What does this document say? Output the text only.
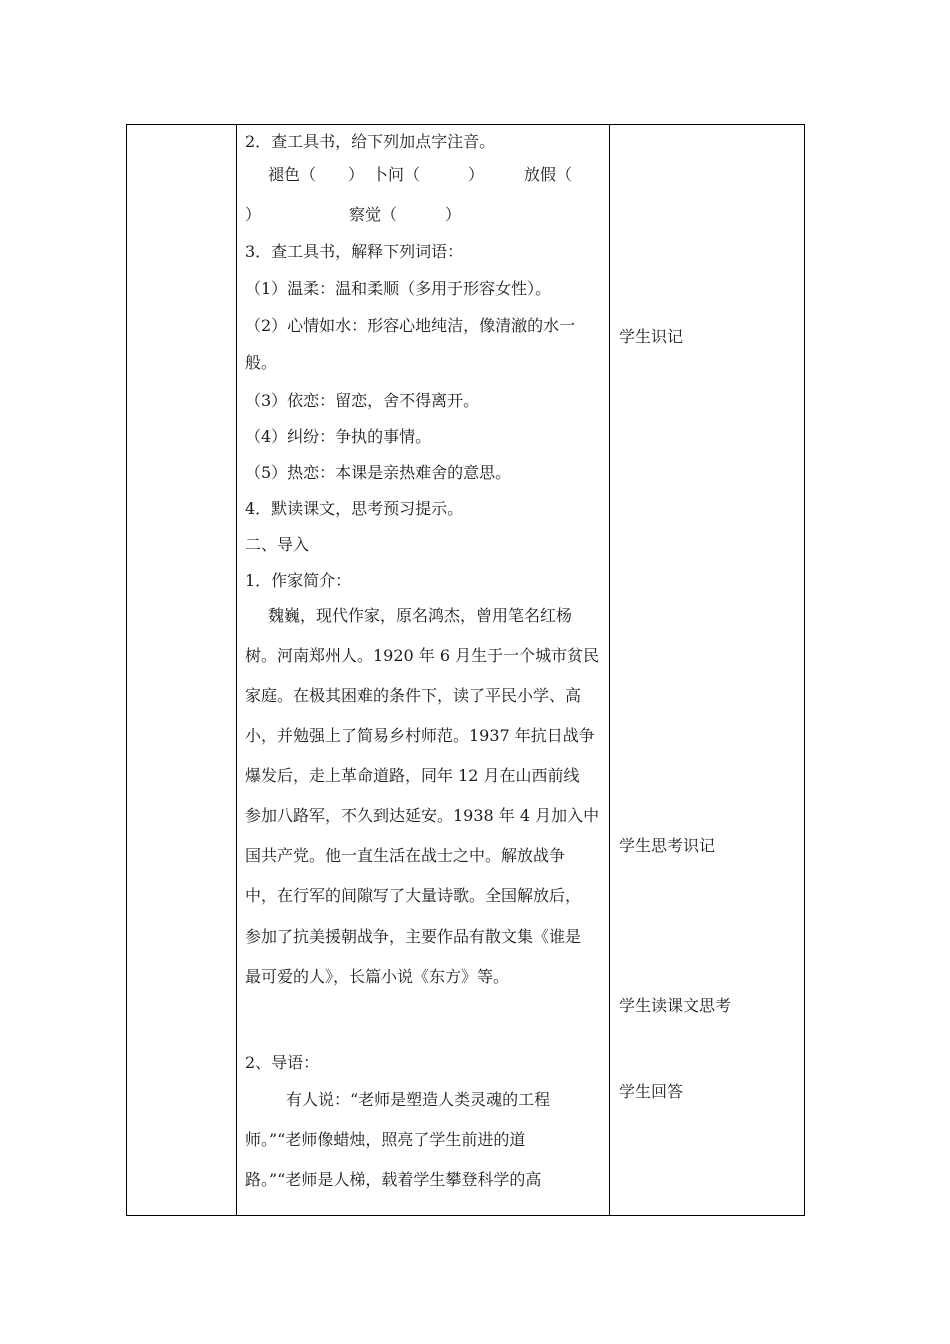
2．查工具书，给下列加点字注音。
褪色（　　）　卜问（　　　）　　　放假（
）　　　　　　察觉（　　　）
3．查工具书，解释下列词语：
（1）温柔：温和柔顺（多用于形容女性）。
（2）心情如水：形容心地纯洁，像清澈的水一
般。
（3）依恋：留恋，舍不得离开。
（4）纠纷：争执的事情。
（5）热恋：本课是亲热难舍的意思。
4．默读课文，思考预习提示。
二、导入
1．作家简介：
魏巍，现代作家，原名鸿杰，曾用笔名红杨
树。河南郑州人。1920 年 6 月生于一个城市贫民
家庭。在极其困难的条件下，读了平民小学、高
小，并勉强上了简易乡村师范。1937 年抗日战争
爆发后，走上革命道路，同年 12 月在山西前线
参加八路军，不久到达延安。1938 年 4 月加入中
国共产党。他一直生活在战士之中。解放战争
中，在行军的间隙写了大量诗歌。全国解放后，
参加了抗美援朝战争，主要作品有散文集《谁是
最可爱的人》，长篇小说《东方》等。
2、导语：
有人说：“老师是塑造人类灵魂的工程
师。”“老师像蜡烛，照亮了学生前进的道
路。”“老师是人梯，载着学生攀登科学的高
学生识记
学生思考识记
学生读课文思考
学生回答
